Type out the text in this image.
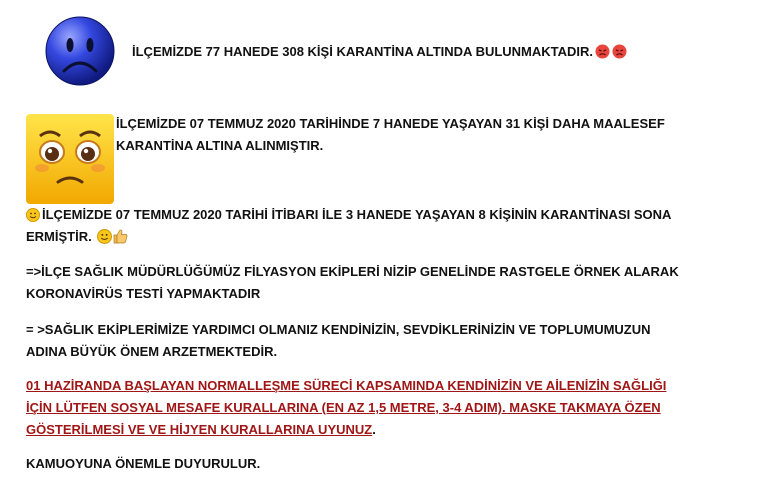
İLÇEMİZDE 77 HANEDE 308 KİŞİ KARANTİNA ALTINDA BULUNMAKTADIR.
İLÇEMİZDE 07 TEMMUZ 2020 TARİHİNDE 7 HANEDE YAŞAYAN 31 KİŞİ DAHA MAALESEF
KARANTİNA ALTINA ALINMIŞTIR.
İLÇEMİZDE 07 TEMMUZ 2020 TARİHİ İTİBARI İLE 3 HANEDE YAŞAYAN 8 KİŞİNİN KARANTİNASI SONA
ERMİŞTİR.
=>İLÇE SAĞLIK MÜDÜRLÜĞÜMÜZ FİLYASYON EKİPLERİ NİZİP GENELİNDE RASTGELE ÖRNEK ALARAK
KORONAVİRÜS TESTİ YAPMAKTADIR
= >SAĞLIK EKİPLERİMİZE YARDIMCI OLMANIZ KENDİNİZİN, SEVDİKLERİNİZİN VE TOPLUMUMUZUN
ADINA BÜYÜK ÖNEM ARZETMEKTEDİR.
01 HAZİRANDA BAŞLAYAN NORMALLEŞME SÜRECİ KAPSAMINDA KENDİNİZİN VE AİLENİZİN SAĞLIĞI
İÇİN LÜTFEN SOSYAL MESAFE KURALLARINA (EN AZ 1,5 METRE, 3-4 ADIM). MASKE TAKMAYA ÖZEN
GÖSTERİLMESİ VE VE HİJYEN KURALLARINA UYUNUZ.
KAMUOYUNA ÖNEMLE DUYURULUR.
